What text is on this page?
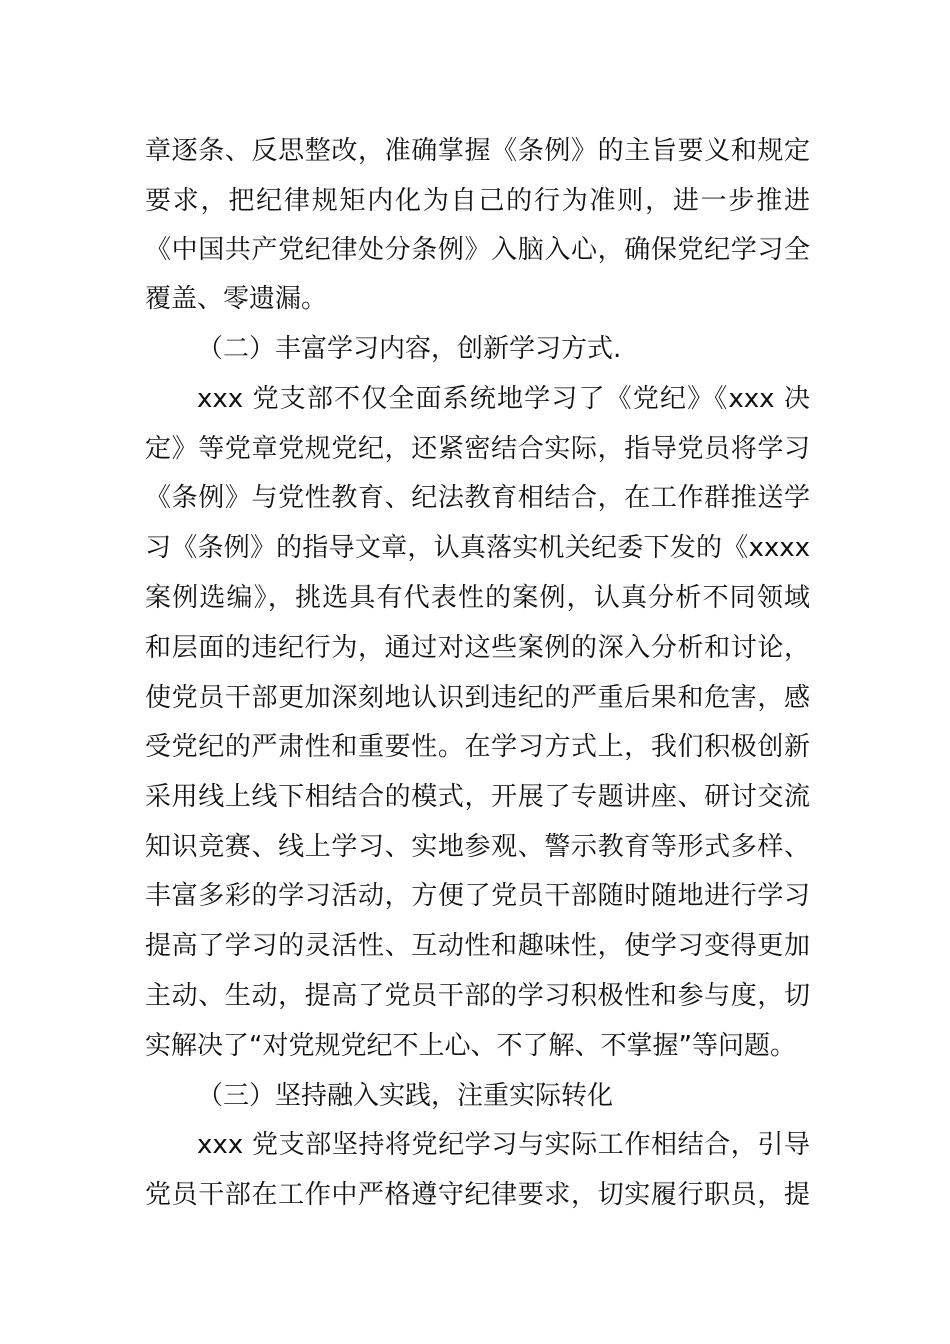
章逐条、反思整改，准确掌握《条例》的主旨要义和规定
要求，把纪律规矩内化为自己的行为准则，进一步推进
《中国共产党纪律处分条例》入脑入心，确保党纪学习全
覆盖、零遗漏。
（二）丰富学习内容，创新学习方式.
xxx 党支部不仅全面系统地学习了《党纪》《xxx 决
定》等党章党规党纪，还紧密结合实际，指导党员将学习
《条例》与党性教育、纪法教育相结合，在工作群推送学
习《条例》的指导文章，认真落实机关纪委下发的《xxxx
案例选编》，挑选具有代表性的案例，认真分析不同领域
和层面的违纪行为，通过对这些案例的深入分析和讨论，
使党员干部更加深刻地认识到违纪的严重后果和危害，感
受党纪的严肃性和重要性。在学习方式上，我们积极创新
采用线上线下相结合的模式，开展了专题讲座、研讨交流
知识竞赛、线上学习、实地参观、警示教育等形式多样、
丰富多彩的学习活动，方便了党员干部随时随地进行学习
提高了学习的灵活性、互动性和趣味性，使学习变得更加
主动、生动，提高了党员干部的学习积极性和参与度，切
实解决了“对党规党纪不上心、不了解、不掌握”等问题。
（三）坚持融入实践，注重实际转化
xxx 党支部坚持将党纪学习与实际工作相结合，引导
党员干部在工作中严格遵守纪律要求，切实履行职员，提
